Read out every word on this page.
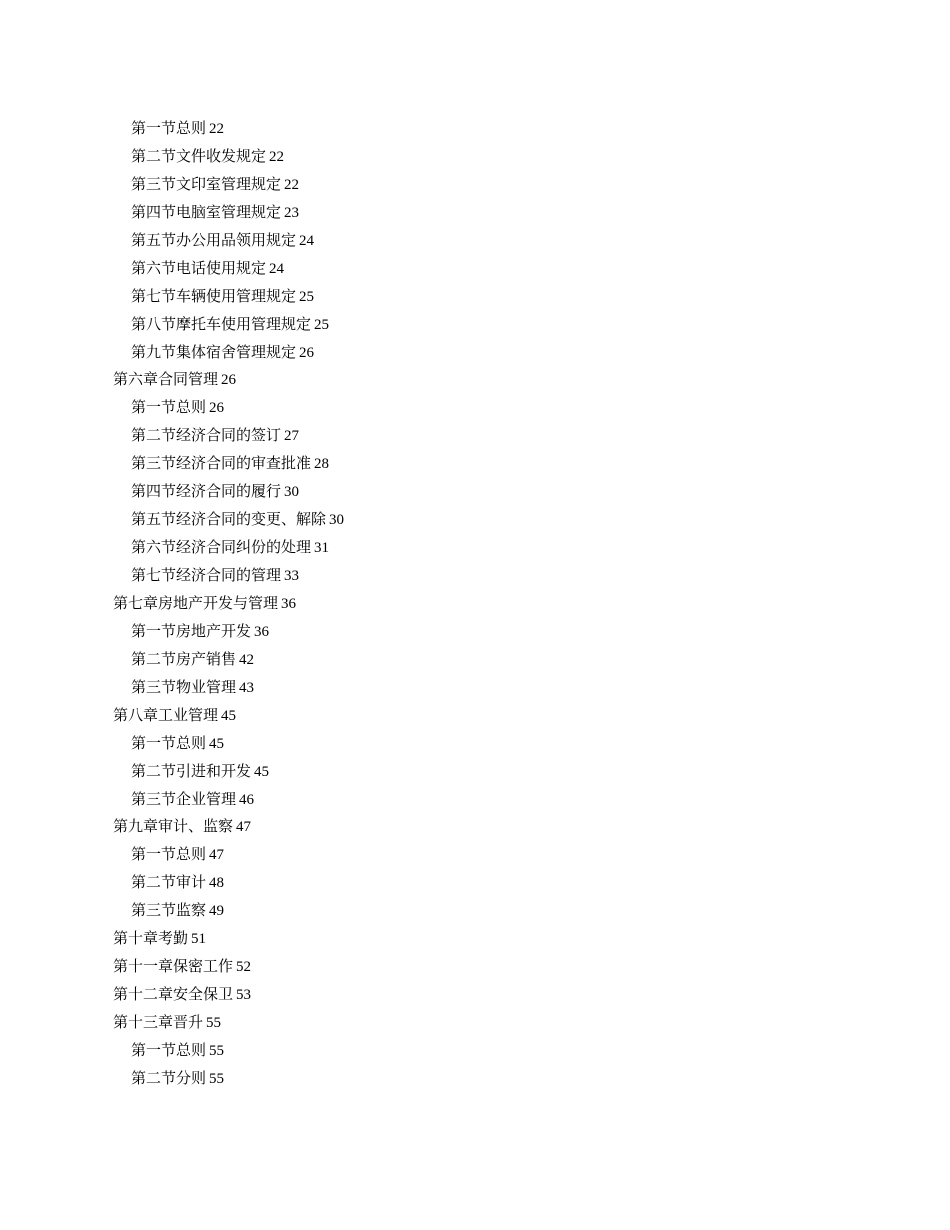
第一节总则 22
第二节文件收发规定 22
第三节文印室管理规定 22
第四节电脑室管理规定 23
第五节办公用品领用规定 24
第六节电话使用规定 24
第七节车辆使用管理规定 25
第八节摩托车使用管理规定 25
第九节集体宿舍管理规定 26
第六章合同管理 26
第一节总则 26
第二节经济合同的签订 27
第三节经济合同的审查批准 28
第四节经济合同的履行 30
第五节经济合同的变更、解除 30
第六节经济合同纠份的处理 31
第七节经济合同的管理 33
第七章房地产开发与管理 36
第一节房地产开发 36
第二节房产销售 42
第三节物业管理 43
第八章工业管理 45
第一节总则 45
第二节引进和开发 45
第三节企业管理 46
第九章审计、监察 47
第一节总则 47
第二节审计 48
第三节监察 49
第十章考勤 51
第十一章保密工作 52
第十二章安全保卫 53
第十三章晋升 55
第一节总则 55
第二节分则 55
